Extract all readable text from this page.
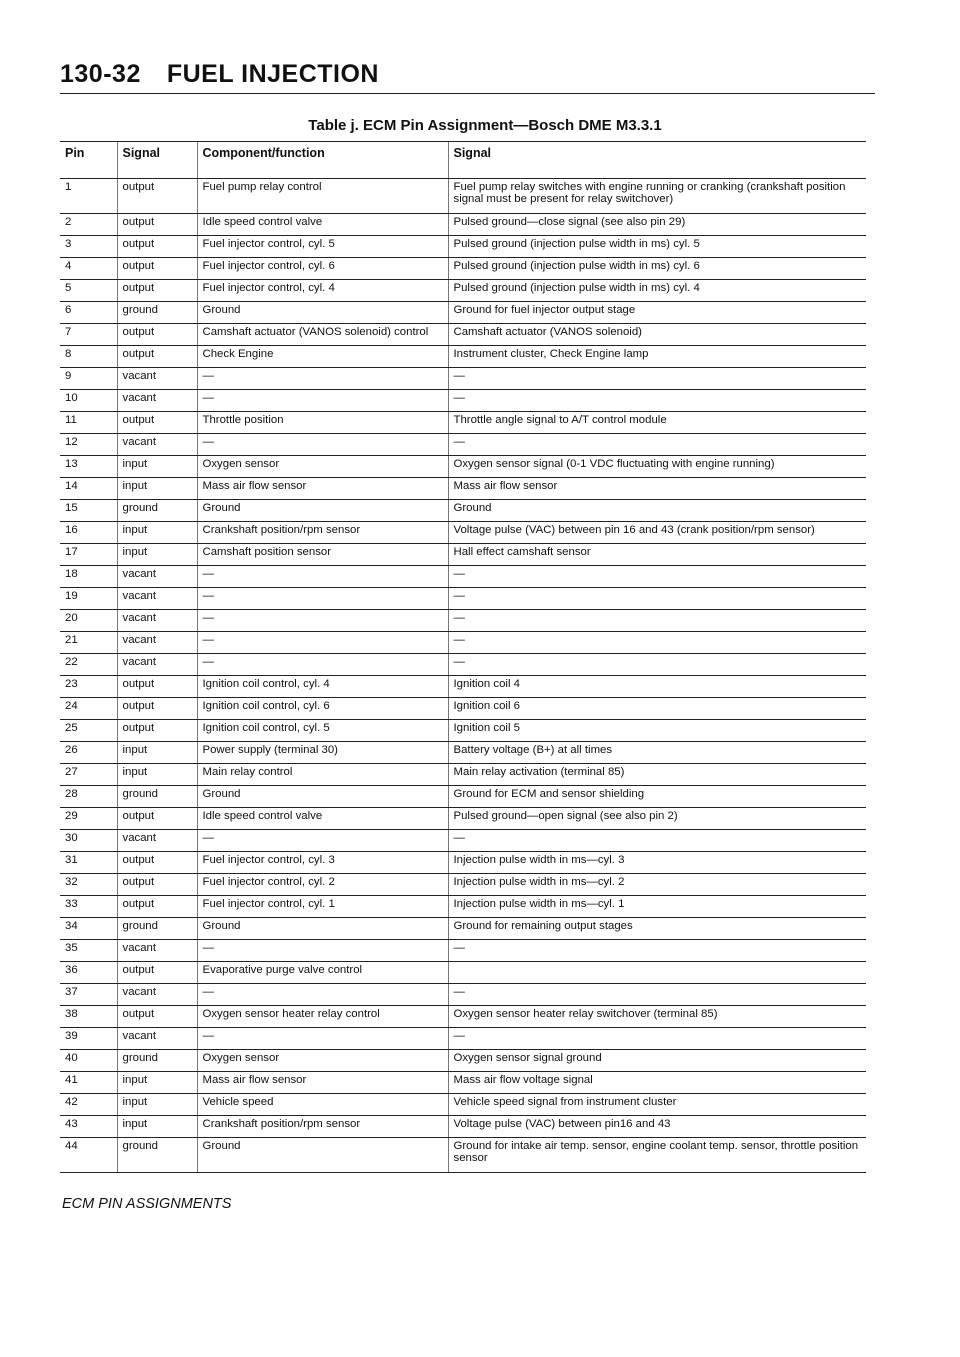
130-32 FUEL INJECTION
Table j. ECM Pin Assignment—Bosch DME M3.3.1
Pin	Signal	Component/function	Signal
1	output	Fuel pump relay control	Fuel pump relay switches with engine running or cranking (crankshaft position signal must be present for relay switchover)
2	output	Idle speed control valve	Pulsed ground—close signal (see also pin 29)
3	output	Fuel injector control, cyl. 5	Pulsed ground (injection pulse width in ms) cyl. 5
4	output	Fuel injector control, cyl. 6	Pulsed ground (injection pulse width in ms) cyl. 6
5	output	Fuel injector control, cyl. 4	Pulsed ground (injection pulse width in ms) cyl. 4
6	ground	Ground	Ground for fuel injector output stage
7	output	Camshaft actuator (VANOS solenoid) control	Camshaft actuator (VANOS solenoid)
8	output	Check Engine	Instrument cluster, Check Engine lamp
9	vacant	—	—
10	vacant	—	—
11	output	Throttle position	Throttle angle signal to A/T control module
12	vacant	—	—
13	input	Oxygen sensor	Oxygen sensor signal (0-1 VDC fluctuating with engine running)
14	input	Mass air flow sensor	Mass air flow sensor
15	ground	Ground	Ground
16	input	Crankshaft position/rpm sensor	Voltage pulse (VAC) between pin 16 and 43 (crank position/rpm sensor)
17	input	Camshaft position sensor	Hall effect camshaft sensor
18	vacant	—	—
19	vacant	—	—
20	vacant	—	—
21	vacant	—	—
22	vacant	—	—
23	output	Ignition coil control, cyl. 4	Ignition coil 4
24	output	Ignition coil control, cyl. 6	Ignition coil 6
25	output	Ignition coil control, cyl. 5	Ignition coil 5
26	input	Power supply (terminal 30)	Battery voltage (B+) at all times
27	input	Main relay control	Main relay activation (terminal 85)
28	ground	Ground	Ground for ECM and sensor shielding
29	output	Idle speed control valve	Pulsed ground—open signal (see also pin 2)
30	vacant	—	—
31	output	Fuel injector control, cyl. 3	Injection pulse width in ms—cyl. 3
32	output	Fuel injector control, cyl. 2	Injection pulse width in ms—cyl. 2
33	output	Fuel injector control, cyl. 1	Injection pulse width in ms—cyl. 1
34	ground	Ground	Ground for remaining output stages
35	vacant	—	—
36	output	Evaporative purge valve control	
37	vacant	—	—
38	output	Oxygen sensor heater relay control	Oxygen sensor heater relay switchover (terminal 85)
39	vacant	—	—
40	ground	Oxygen sensor	Oxygen sensor signal ground
41	input	Mass air flow sensor	Mass air flow voltage signal
42	input	Vehicle speed	Vehicle speed signal from instrument cluster
43	input	Crankshaft position/rpm sensor	Voltage pulse (VAC) between pin16 and 43
44	ground	Ground	Ground for intake air temp. sensor, engine coolant temp. sensor, throttle position sensor
ECM PIN ASSIGNMENTS
